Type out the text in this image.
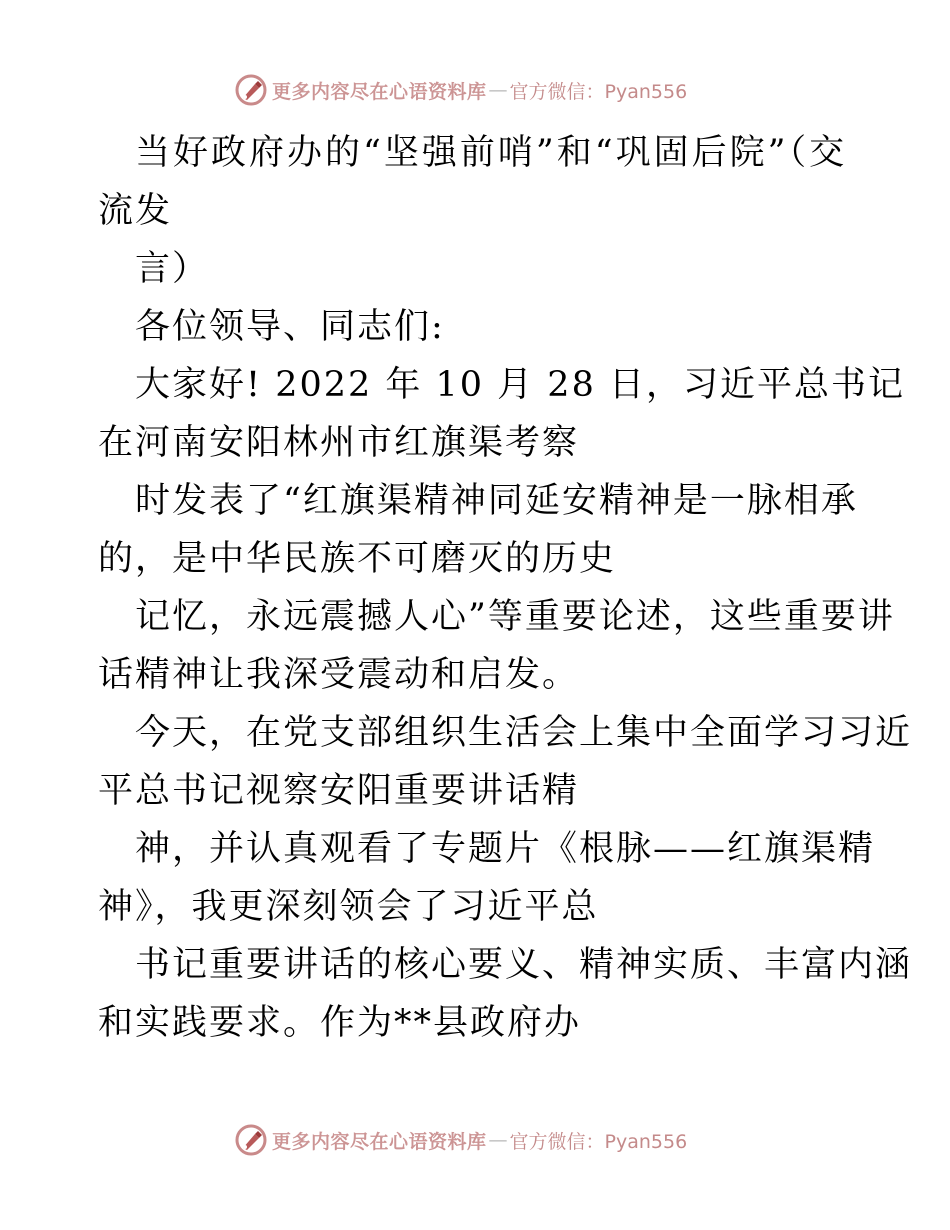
更多内容尽在心语资料库 — 官方微信：Pyan556
当好政府办的“坚强前哨”和“巩固后院”（交
流发
言）
各位领导、同志们:
大家好! 2022 年 10 月 28 日，习近平总书记
在河南安阳林州市红旗渠考察
时发表了“红旗渠精神同延安精神是一脉相承
的，是中华民族不可磨灭的历史
记忆，永远震撼人心”等重要论述，这些重要讲
话精神让我深受震动和启发。
今天，在党支部组织生活会上集中全面学习习近
平总书记视察安阳重要讲话精
神，并认真观看了专题片《根脉——红旗渠精
神》，我更深刻领会了习近平总
书记重要讲话的核心要义、精神实质、丰富内涵
和实践要求。作为**县政府办
更多内容尽在心语资料库 — 官方微信：Pyan556
